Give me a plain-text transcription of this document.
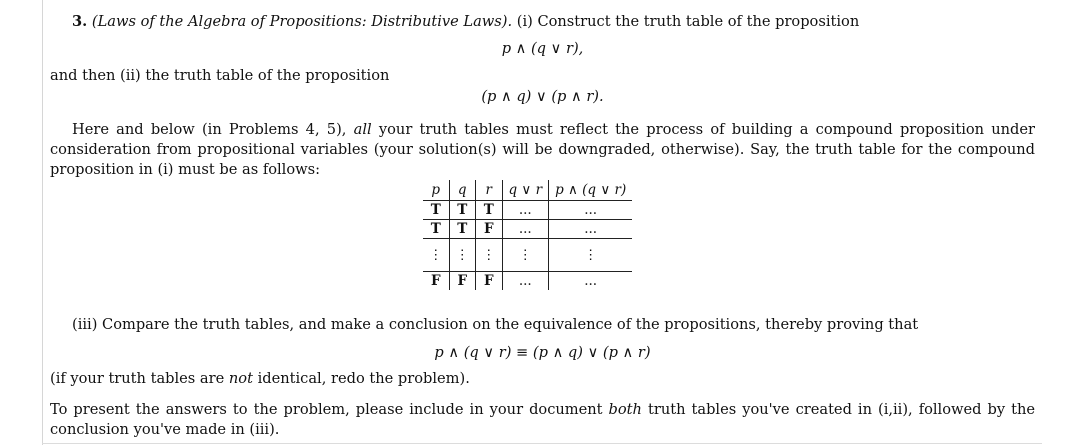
3. (Laws of the Algebra of Propositions: Distributive Laws). (i) Construct the truth table of the proposition
p ∧ (q ∨ r),
and then (ii) the truth table of the proposition
(p ∧ q) ∨ (p ∧ r).
Here and below (in Problems 4, 5), all your truth tables must reflect the process of building a compound proposition under
consideration from propositional variables (your solution(s) will be downgraded, otherwise). Say, the truth table for the compound
proposition in (i) must be as follows:
p	q	r	q ∨ r	p ∧ (q ∨ r)
T	T	T	...	...
T	T	F	...	...
⋮	⋮	⋮	⋮	⋮
F	F	F	...	...
(iii) Compare the truth tables, and make a conclusion on the equivalence of the propositions, thereby proving that
p ∧ (q ∨ r) ≡ (p ∧ q) ∨ (p ∧ r)
(if your truth tables are not identical, redo the problem).
To present the answers to the problem, please include in your document both truth tables you've created in (i,ii), followed by the
conclusion you've made in (iii).
